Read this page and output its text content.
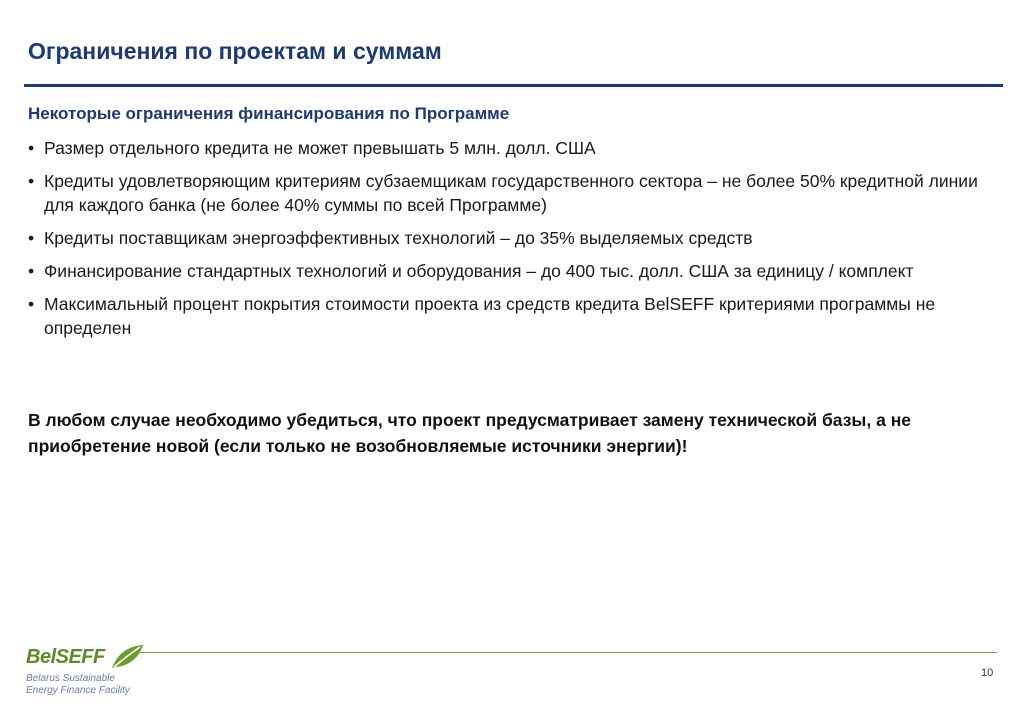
Ограничения по проектам и суммам
Некоторые ограничения финансирования по Программе
• Размер отдельного кредита не может превышать 5 млн. долл. США
• Кредиты удовлетворяющим критериям субзаемщикам государственного сектора – не более 50% кредитной линии для каждого банка (не более 40% суммы по всей Программе)
• Кредиты поставщикам энергоэффективных технологий – до 35% выделяемых средств
• Финансирование стандартных технологий и оборудования – до 400 тыс. долл. США за единицу / комплект
• Максимальный процент покрытия стоимости проекта из средств кредита BelSEFF критериями программы не определен
В любом случае необходимо убедиться, что проект предусматривает замену технической базы, а не приобретение новой (если только не возобновляемые источники энергии)!
BelSEFF
Belarus Sustainable
Energy Finance Facility
10
